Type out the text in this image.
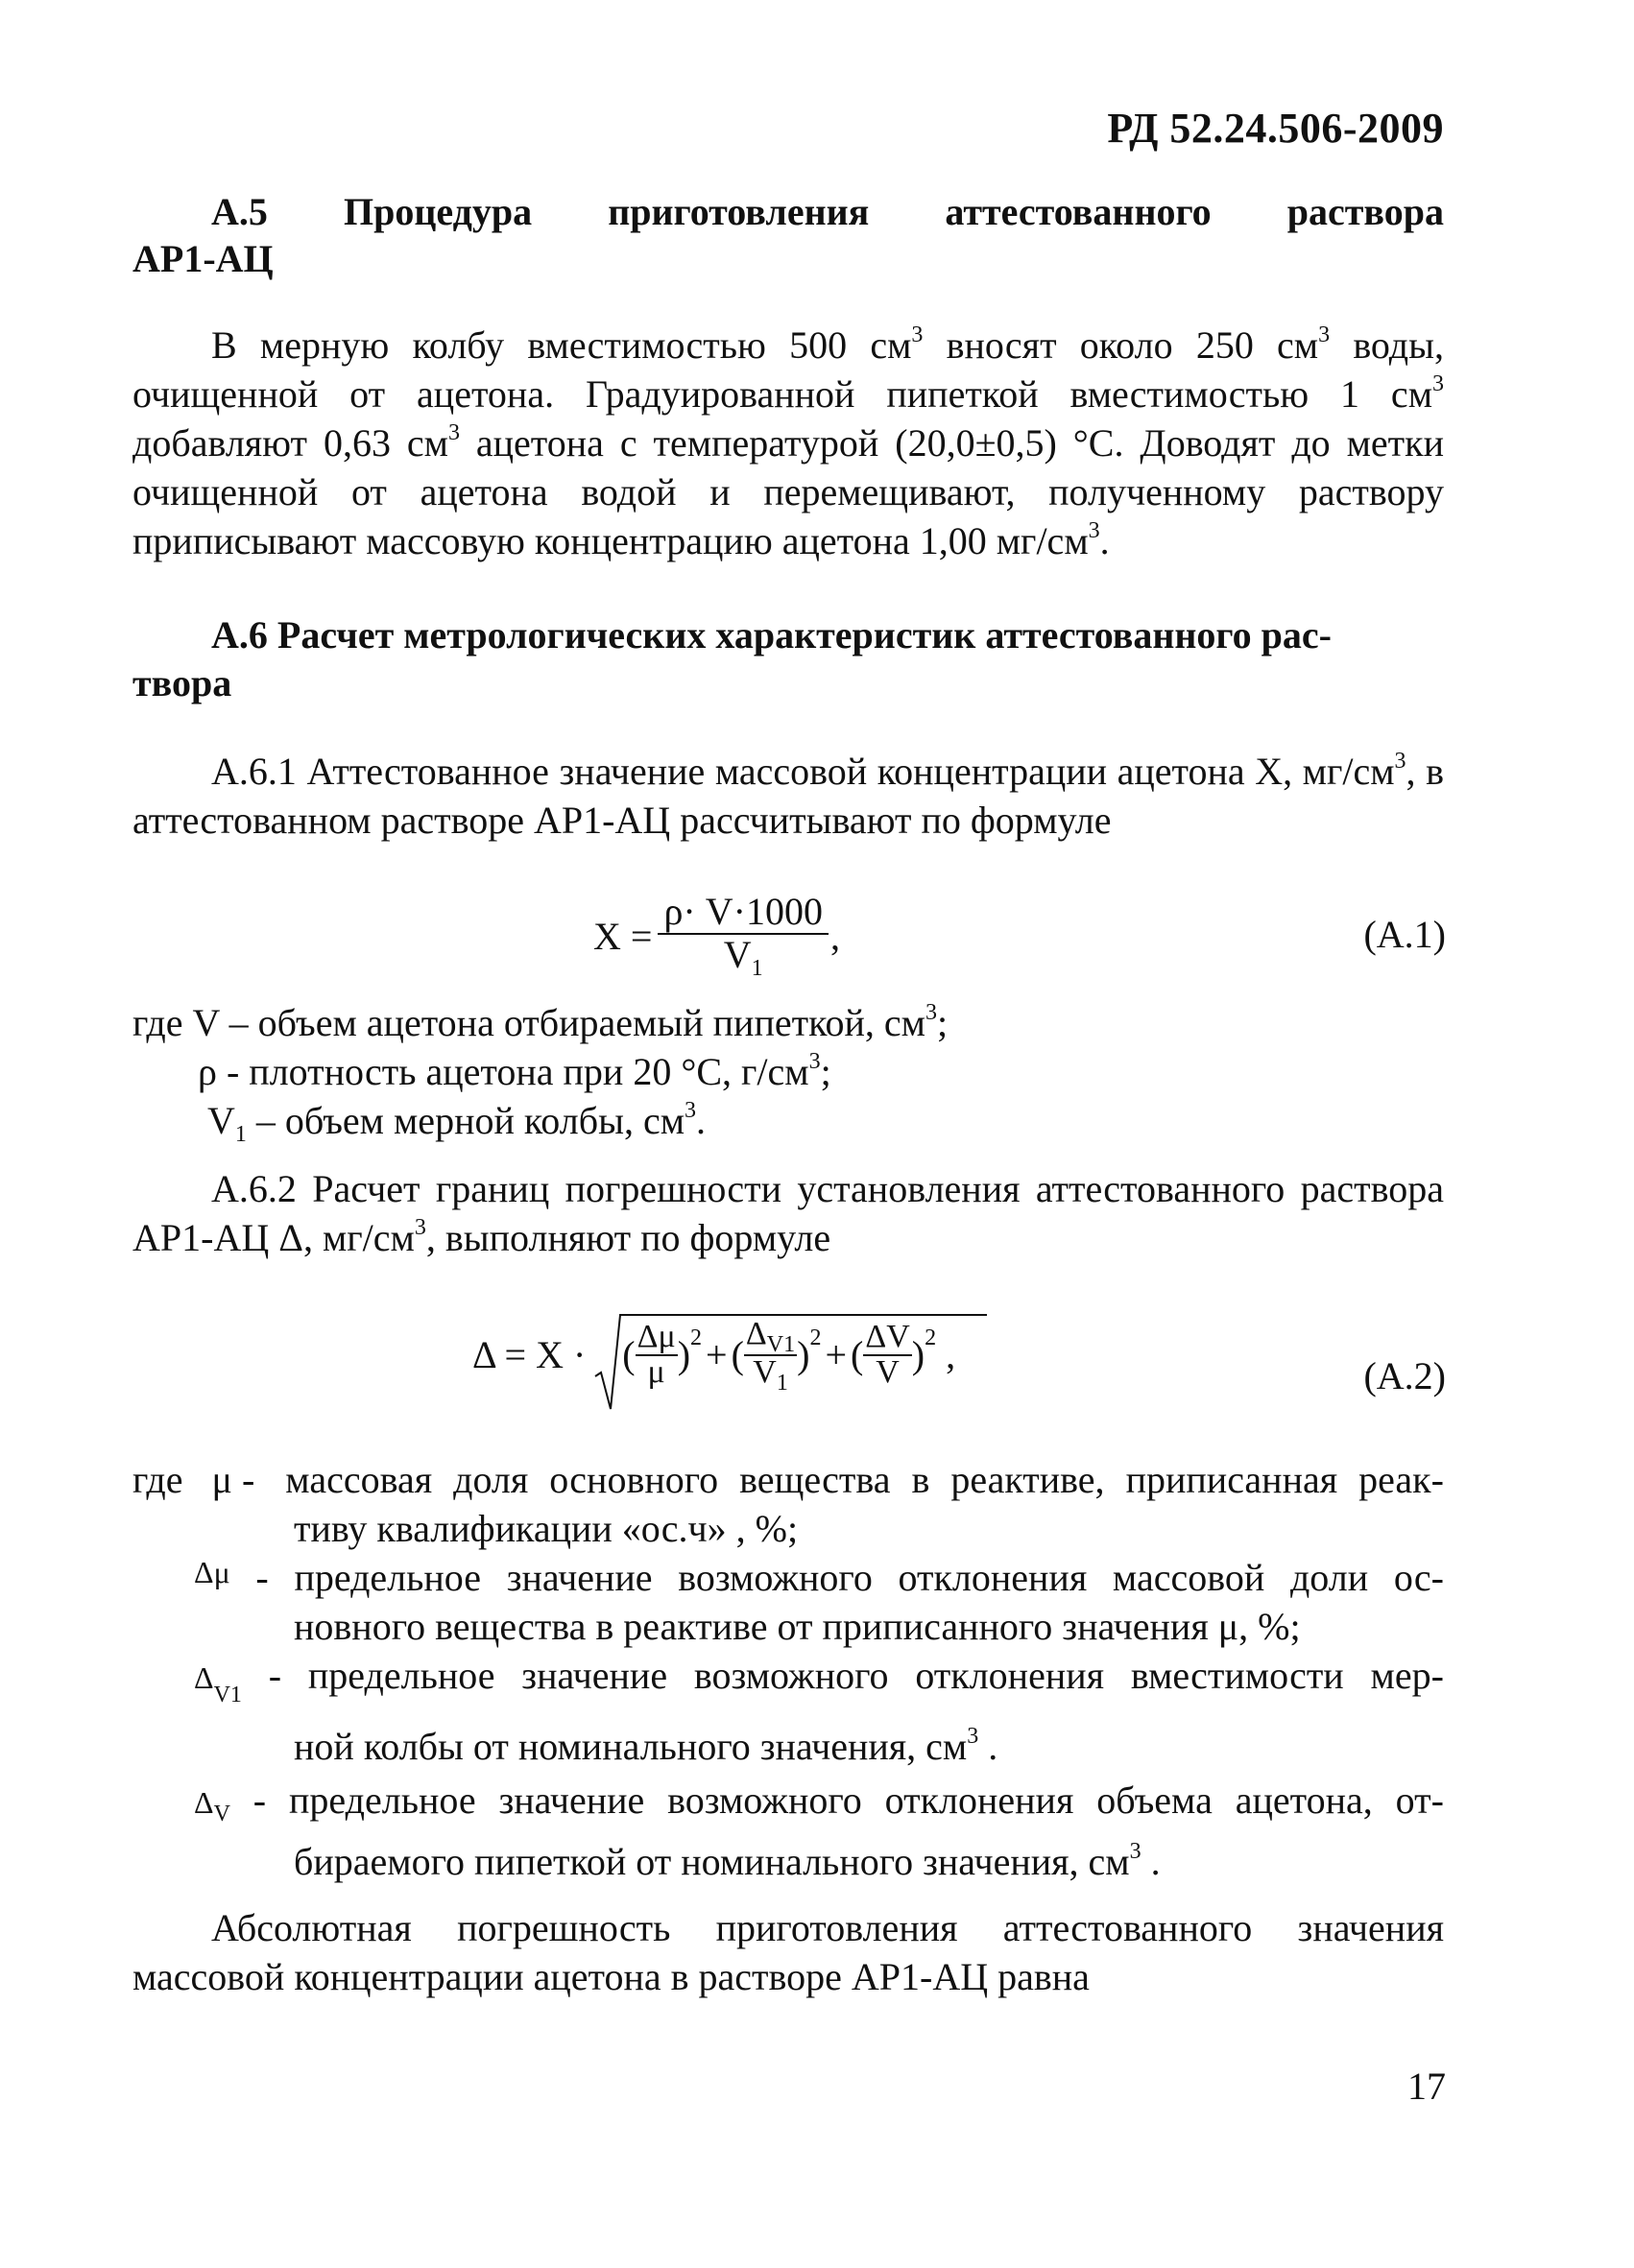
РД 52.24.506-2009
А.5 Процедура приготовления аттестованного раствора
АР1-АЦ

В мерную колбу вместимостью 500 $см^3$ вносят около 250 $см^3$ воды, очищенной от ацетона. Градуированной пипеткой вместимостью 1 $см^3$ добавляют 0,63 $см^3$ ацетона с температурой (20,0±0,5) °С. Доводят до метки очищенной от ацетона водой и перемещивают, полученному раствору приписывают массовую концентрацию ацетона 1,00 $мг/см^3$.

А.6 Расчет метрологических характеристик аттестованного рас-
твора

А.6.1 Аттестованное значение массовой концентрации ацетона Х, $мг/см^3$, в аттестованном растворе АР1-АЦ рассчитывают по формуле

$Х = \frac{\rho\cdot V\cdot 1000}{V_1}$ ,	(А.1)
где V – объем ацетона отбираемый пипеткой, $см^3$;
ρ - плотность ацетона при 20 °С, $г/см^3$;
$V_1$ – объем мерной колбы, $см^3$.

А.6.2 Расчет границ погрешности установления аттестованного раствора АР1-АЦ Δ, $мг/см^3$, выполняют по формуле

Δ = Х · ( $\frac{\Delta\mu}{\mu} )^2$ + ( $\frac{\Delta_{V1}}{V_1} )^2$ + ( $\frac{\Delta V}{V} )^2$ ,	(А.2)
где   μ - массовая доля основного вещества в реактиве, приписанная реак-
тиву квалификации «ос.ч» , %;
Δμ - предельное значение возможного отклонения массовой доли ос-
новного вещества в реактиве от приписанного значения μ, %;
$\Delta_{V1}$ - предельное значение возможного отклонения вместимости мер-
ной колбы от номинального значения, $см^3$ .
$\Delta_V$ - предельное значение возможного отклонения объема ацетона, от-
бираемого пипеткой от номинального значения, $см^3$ .

Абсолютная погрешность приготовления аттестованного значения массовой концентрации ацетона в растворе АР1-АЦ равна

17
